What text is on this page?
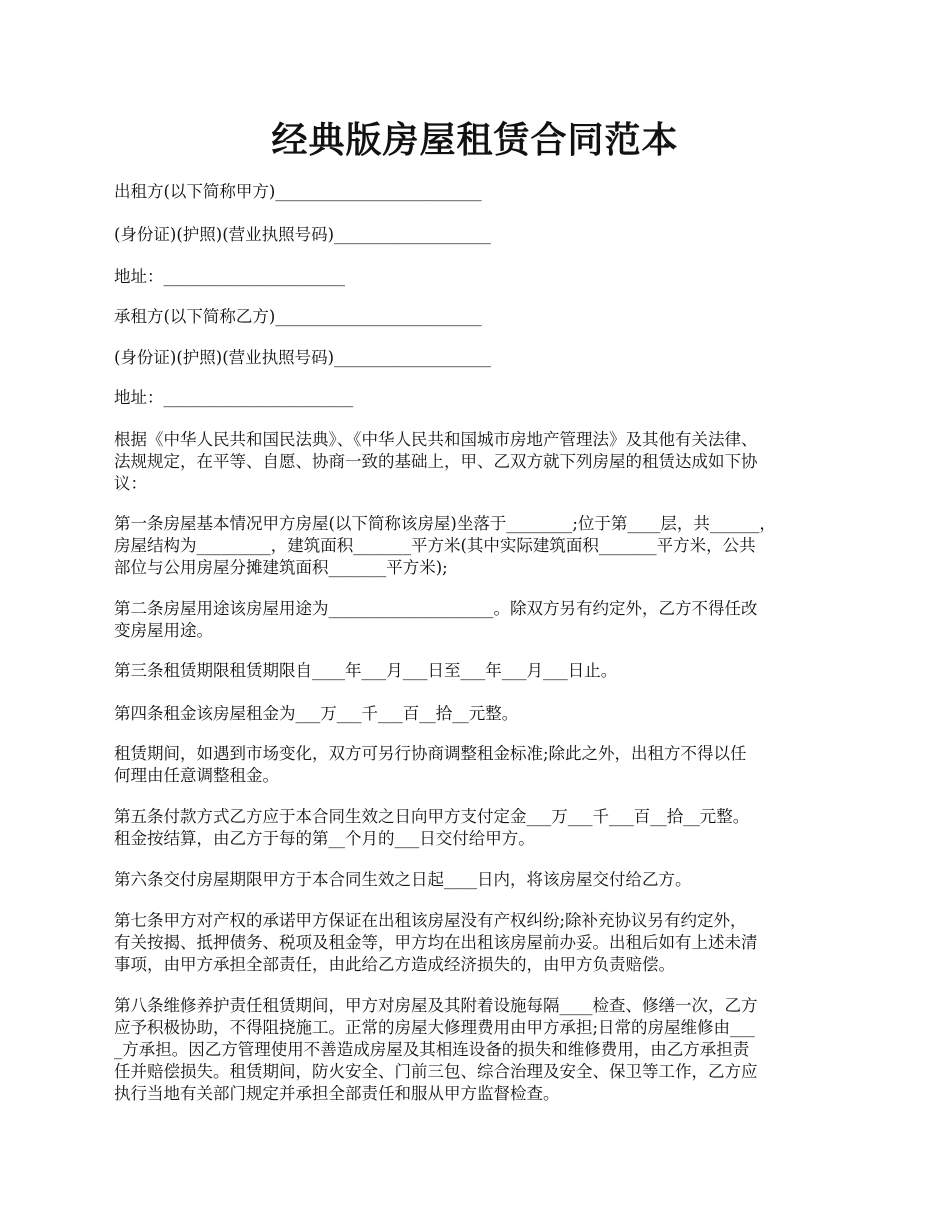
经典版房屋租赁合同范本

出租方(以下简称甲方)_________________________

(身份证)(护照)(营业执照号码)___________________

地址：______________________

承租方(以下简称乙方)_________________________

(身份证)(护照)(营业执照号码)___________________

地址：_______________________

根据《中华人民共和国民法典》、《中华人民共和国城市房地产管理法》及其他有关法律、
法规规定，在平等、自愿、协商一致的基础上，甲、乙双方就下列房屋的租赁达成如下协
议：

第一条房屋基本情况甲方房屋(以下简称该房屋)坐落于________;位于第____层，共______，
房屋结构为_________，建筑面积_______平方米(其中实际建筑面积_______平方米，公共
部位与公用房屋分摊建筑面积_______平方米);

第二条房屋用途该房屋用途为____________________。除双方另有约定外，乙方不得任改
变房屋用途。

第三条租赁期限租赁期限自____年___月___日至___年___月___日止。

第四条租金该房屋租金为___万___千___百__拾__元整。

租赁期间，如遇到市场变化，双方可另行协商调整租金标准;除此之外，出租方不得以任
何理由任意调整租金。

第五条付款方式乙方应于本合同生效之日向甲方支付定金___万___千___百__拾__元整。
租金按结算，由乙方于每的第__个月的___日交付给甲方。

第六条交付房屋期限甲方于本合同生效之日起____日内，将该房屋交付给乙方。

第七条甲方对产权的承诺甲方保证在出租该房屋没有产权纠纷;除补充协议另有约定外，
有关按揭、抵押债务、税项及租金等，甲方均在出租该房屋前办妥。出租后如有上述未清
事项，由甲方承担全部责任，由此给乙方造成经济损失的，由甲方负责赔偿。

第八条维修养护责任租赁期间，甲方对房屋及其附着设施每隔____检查、修缮一次，乙方
应予积极协助，不得阻挠施工。正常的房屋大修理费用由甲方承担;日常的房屋维修由___
_方承担。因乙方管理使用不善造成房屋及其相连设备的损失和维修费用，由乙方承担责
任并赔偿损失。租赁期间，防火安全、门前三包、综合治理及安全、保卫等工作，乙方应
执行当地有关部门规定并承担全部责任和服从甲方监督检查。
